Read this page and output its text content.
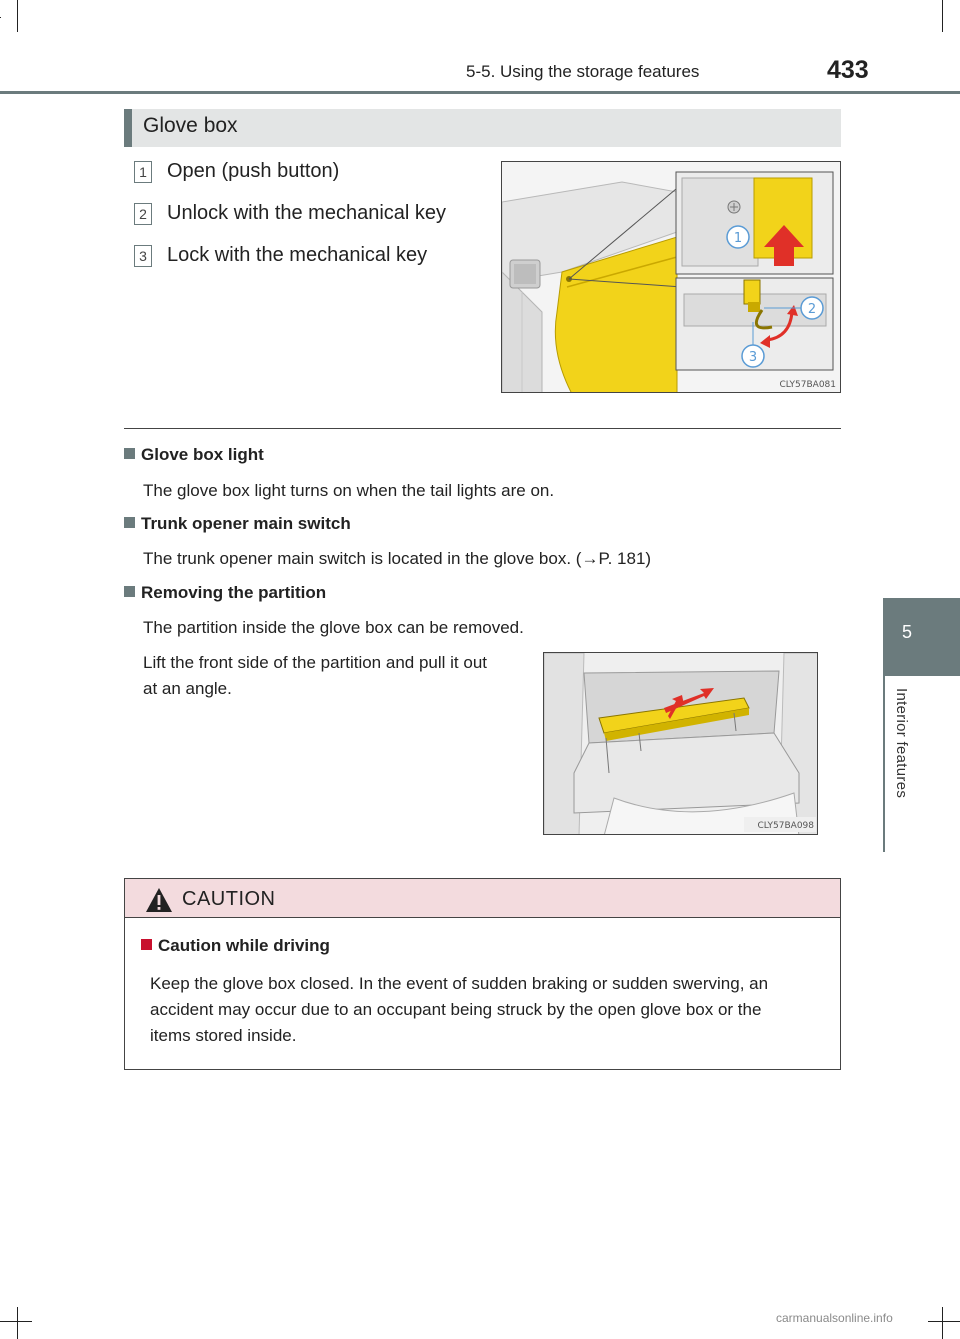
5-5. Using the storage features	433
5
Interior features
Glove box
1 Open (push button)
2 Unlock with the mechanical key
3 Lock with the mechanical key
1
2
3
CLY57BA081
Glove box light
The glove box light turns on when the tail lights are on.
Trunk opener main switch
The trunk opener main switch is located in the glove box. (→P. 181)
Removing the partition
The partition inside the glove box can be removed.
Lift the front side of the partition and pull it out
at an angle.
CLY57BA098
CAUTION
Caution while driving
Keep the glove box closed. In the event of sudden braking or sudden swerving, an
accident may occur due to an occupant being struck by the open glove box or the
items stored inside.
carmanualsonline.info
